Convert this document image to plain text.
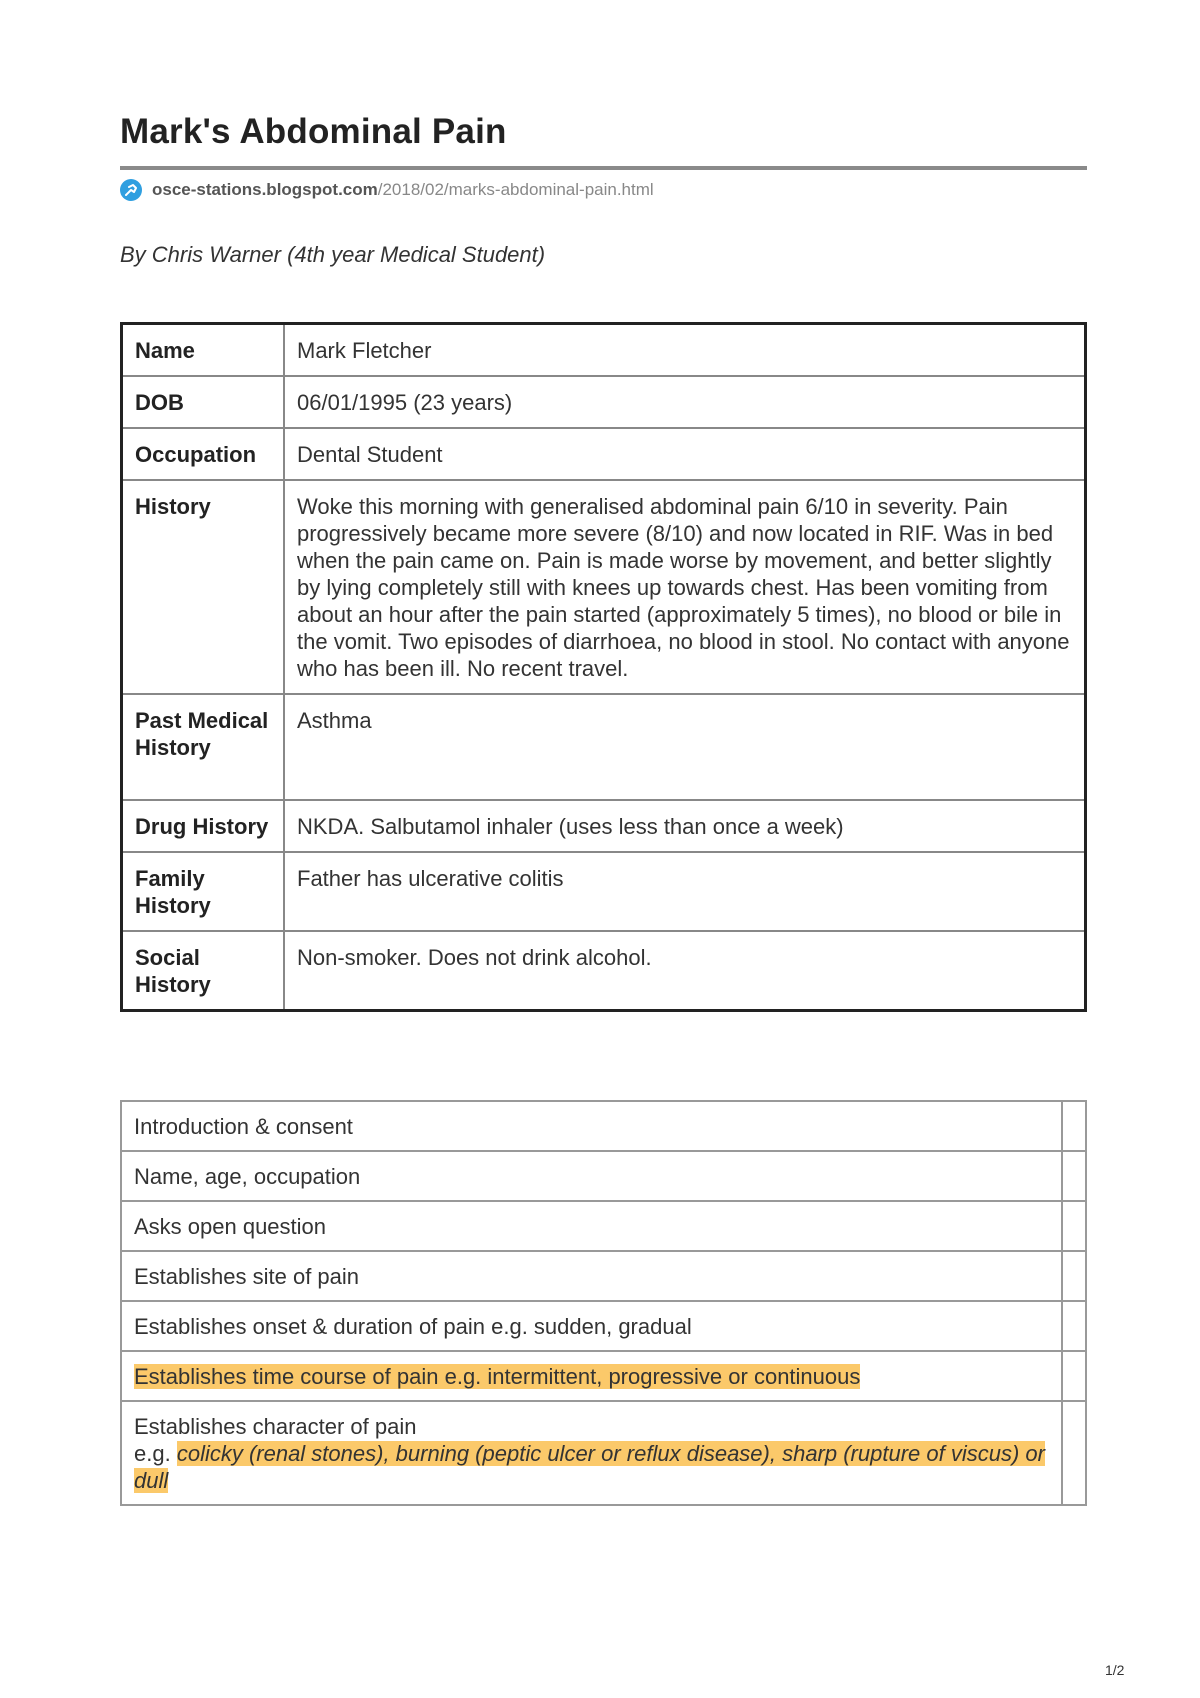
Mark's Abdominal Pain
osce-stations.blogspot.com /2018/02/marks-abdominal-pain.html
By Chris Warner (4th year Medical Student)
Name	Mark Fletcher
DOB	06/01/1995 (23 years)
Occupation	Dental Student
History	Woke this morning with generalised abdominal pain 6/10 in severity. Pain progressively became more severe (8/10) and now located in RIF. Was in bed when the pain came on. Pain is made worse by movement, and better slightly by lying completely still with knees up towards chest. Has been vomiting from about an hour after the pain started (approximately 5 times), no blood or bile in the vomit. Two episodes of diarrhoea, no blood in stool. No contact with anyone who has been ill. No recent travel.
Past Medical History	Asthma
Drug History	NKDA. Salbutamol inhaler (uses less than once a week)
Family History	Father has ulcerative colitis
Social History	Non-smoker. Does not drink alcohol.
Introduction & consent	
Name, age, occupation	
Asks open question	
Establishes site of pain	
Establishes onset & duration of pain e.g. sudden, gradual	
Establishes time course of pain e.g. intermittent, progressive or continuous	

Establishes character of pain
e.g. colicky (renal stones), burning (peptic ulcer or reflux disease), sharp (rupture of viscus) or dull	

1/2
